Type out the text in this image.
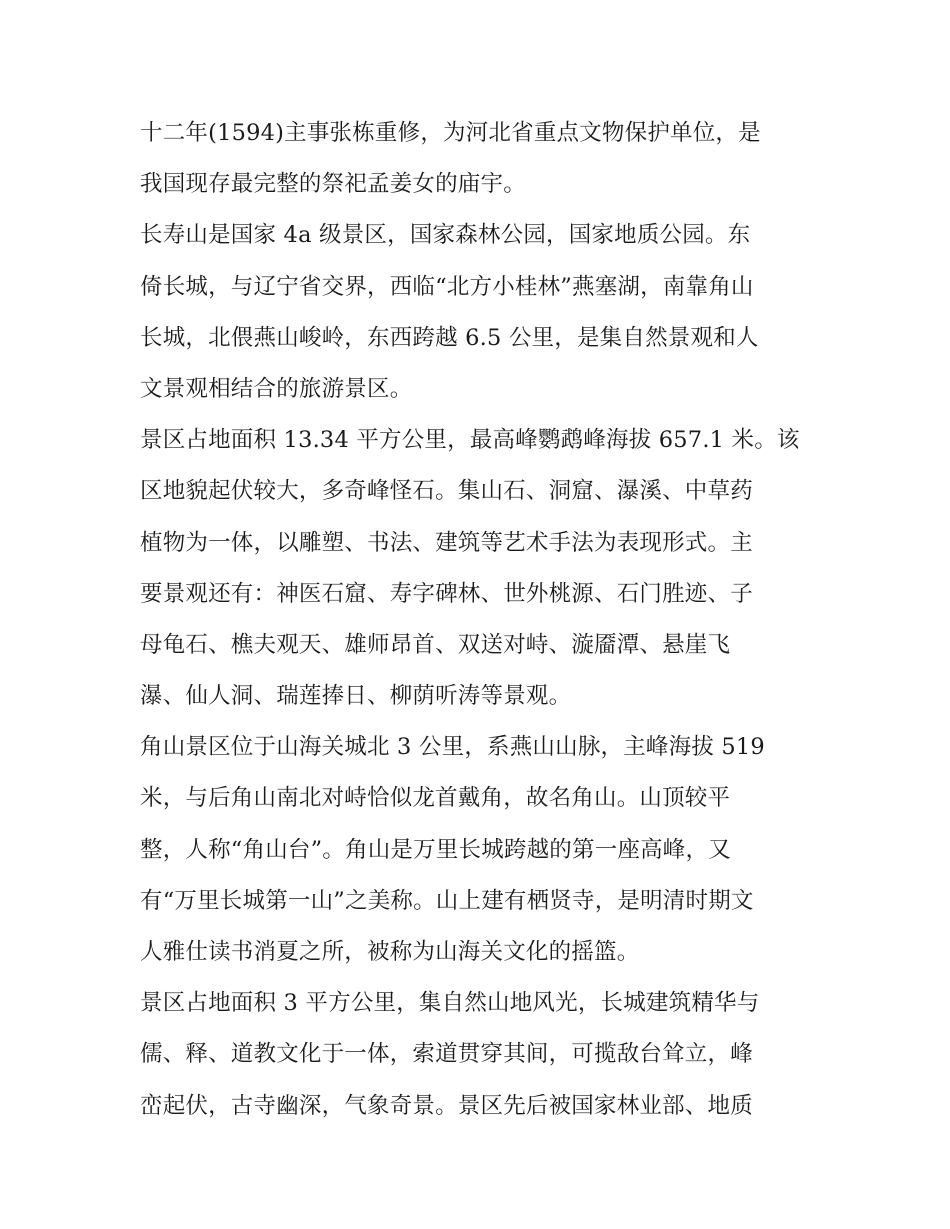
十二年(1594)主事张栋重修，为河北省重点文物保护单位，是
我国现存最完整的祭祀孟姜女的庙宇。
长寿山是国家 4a 级景区，国家森林公园，国家地质公园。东
倚长城，与辽宁省交界，西临“北方小桂林”燕塞湖，南靠角山
长城，北偎燕山峻岭，东西跨越 6.5 公里，是集自然景观和人
文景观相结合的旅游景区。
景区占地面积 13.34 平方公里，最高峰鹦鹉峰海拔 657.1 米。该
区地貌起伏较大，多奇峰怪石。集山石、洞窟、瀑溪、中草药
植物为一体，以雕塑、书法、建筑等艺术手法为表现形式。主
要景观还有：神医石窟、寿字碑林、世外桃源、石门胜迹、子
母龟石、樵夫观天、雄师昂首、双送对峙、漩靥潭、悬崖飞
瀑、仙人洞、瑞莲捧日、柳荫听涛等景观。
角山景区位于山海关城北 3 公里，系燕山山脉，主峰海拔 519
米，与后角山南北对峙恰似龙首戴角，故名角山。山顶较平
整，人称“角山台”。角山是万里长城跨越的第一座高峰，又
有“万里长城第一山”之美称。山上建有栖贤寺，是明清时期文
人雅仕读书消夏之所，被称为山海关文化的摇篮。
景区占地面积 3 平方公里，集自然山地风光，长城建筑精华与
儒、释、道教文化于一体，索道贯穿其间，可揽敌台耸立，峰
峦起伏，古寺幽深，气象奇景。景区先后被国家林业部、地质
